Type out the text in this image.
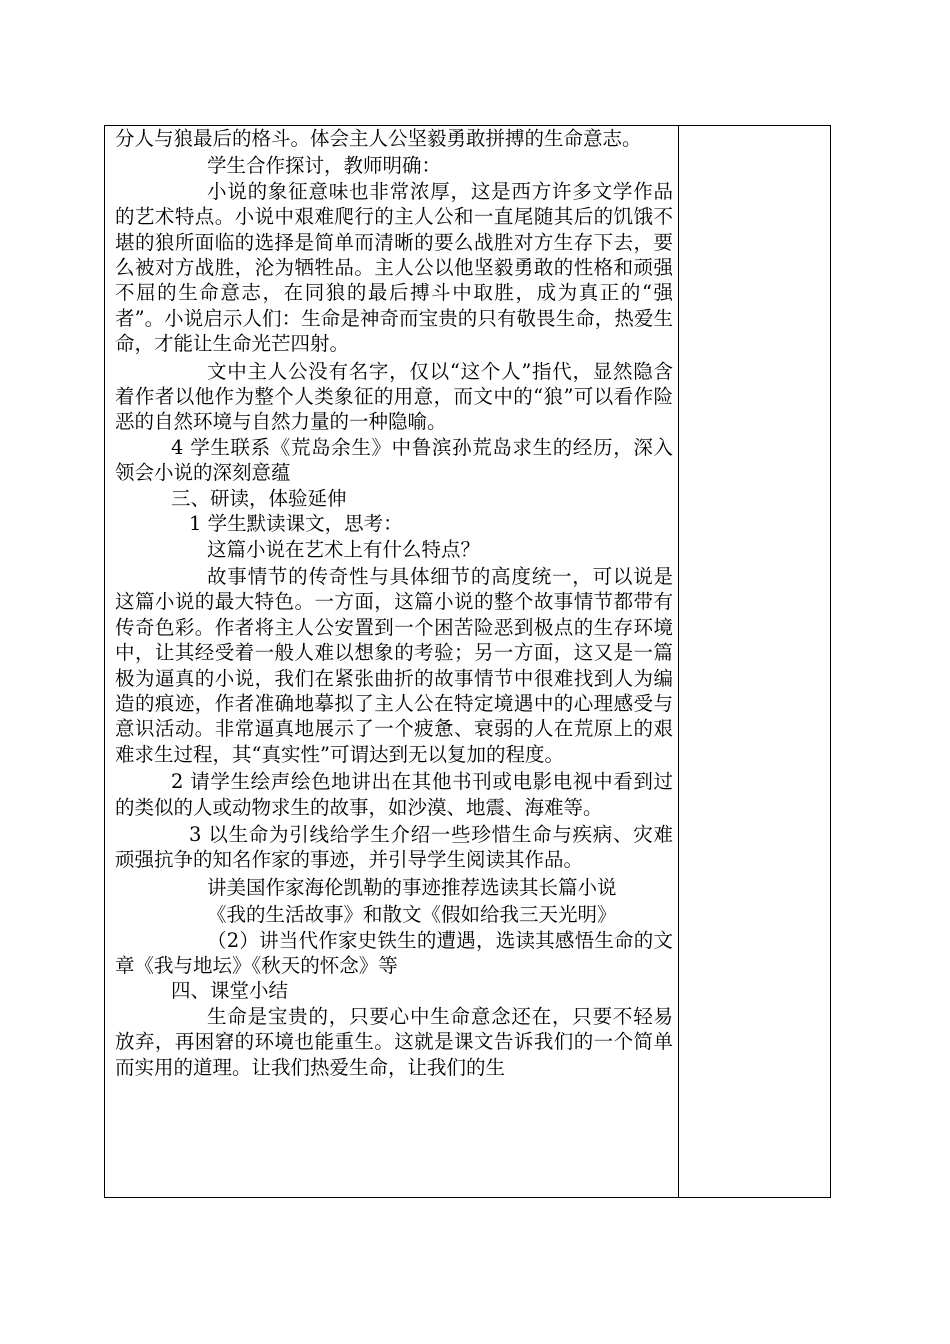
分人与狼最后的格斗。体会主人公坚毅勇敢拼搏的生命意志。

学生合作探讨，教师明确：

小说的象征意味也非常浓厚，这是西方许多文学作品的艺术特点。小说中艰难爬行的主人公和一直尾随其后的饥饿不堪的狼所面临的选择是简单而清晰的要么战胜对方生存下去，要么被对方战胜，沦为牺牲品。主人公以他坚毅勇敢的性格和顽强不屈的生命意志，在同狼的最后搏斗中取胜，成为真正的“强者”。小说启示人们：生命是神奇而宝贵的只有敬畏生命，热爱生命，才能让生命光芒四射。

文中主人公没有名字，仅以“这个人”指代，显然隐含着作者以他作为整个人类象征的用意，而文中的“狼”可以看作险恶的自然环境与自然力量的一种隐喻。

4 学生联系《荒岛余生》中鲁滨孙荒岛求生的经历，深入领会小说的深刻意蕴

三、研读，体验延伸

1 学生默读课文，思考：

这篇小说在艺术上有什么特点？

故事情节的传奇性与具体细节的高度统一，可以说是这篇小说的最大特色。一方面，这篇小说的整个故事情节都带有传奇色彩。作者将主人公安置到一个困苦险恶到极点的生存环境中，让其经受着一般人难以想象的考验；另一方面，这又是一篇极为逼真的小说，我们在紧张曲折的故事情节中很难找到人为编造的痕迹，作者准确地摹拟了主人公在特定境遇中的心理感受与意识活动。非常逼真地展示了一个疲惫、衰弱的人在荒原上的艰难求生过程，其“真实性”可谓达到无以复加的程度。

2 请学生绘声绘色地讲出在其他书刊或电影电视中看到过的类似的人或动物求生的故事，如沙漠、地震、海难等。

3 以生命为引线给学生介绍一些珍惜生命与疾病、灾难顽强抗争的知名作家的事迹，并引导学生阅读其作品。

讲美国作家海伦凯勒的事迹推荐选读其长篇小说

《我的生活故事》和散文《假如给我三天光明》

（2）讲当代作家史铁生的遭遇，选读其感悟生命的文章《我与地坛》《秋天的怀念》等

四、课堂小结

生命是宝贵的，只要心中生命意念还在，只要不轻易放弃，再困窘的环境也能重生。这就是课文告诉我们的一个简单而实用的道理。让我们热爱生命，让我们的生
